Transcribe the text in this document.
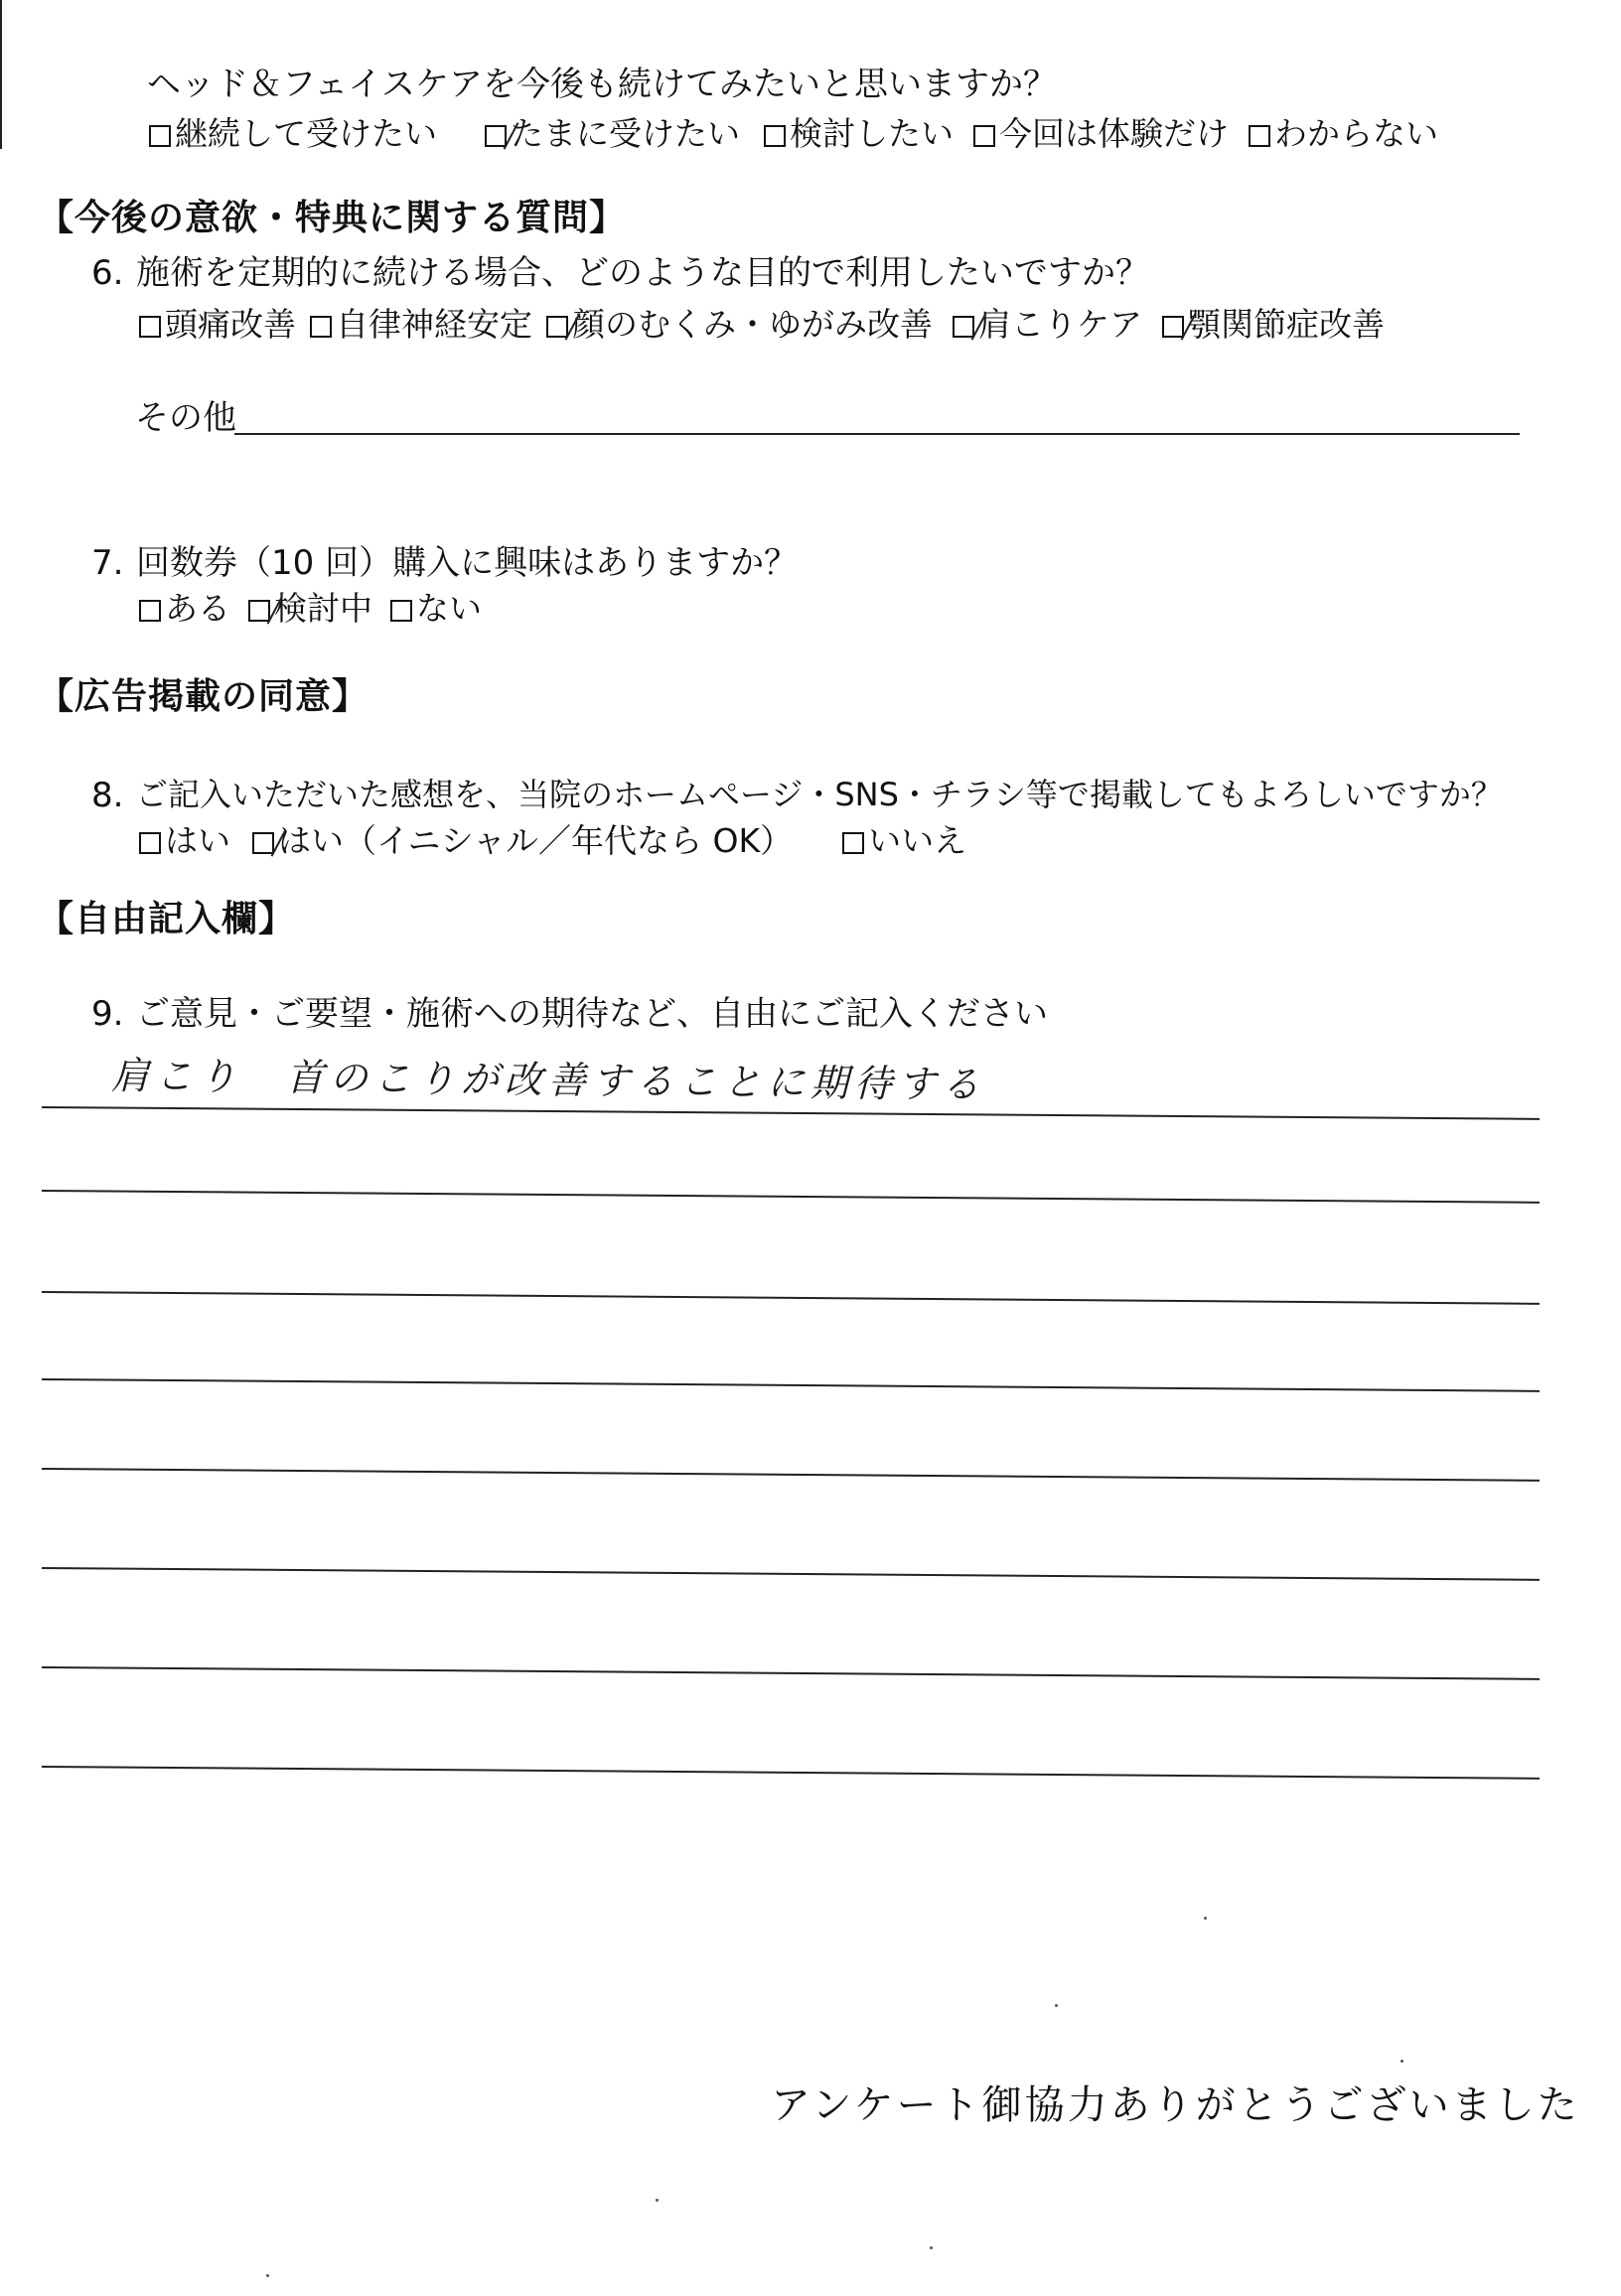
ヘッド＆フェイスケアを今後も続けてみたいと思いますか？
継続して受けたい たまに受けたい 検討したい 今回は体験だけ わからない
【今後の意欲・特典に関する質問】
6. 施術を定期的に続ける場合、どのような目的で利用したいですか？
頭痛改善 自律神経安定 顔のむくみ・ゆがみ改善 肩こりケア 顎関節症改善
その他
7. 回数券（10 回）購入に興味はありますか？
ある 検討中 ない
【広告掲載の同意】
8. ご記入いただいた感想を、当院のホームページ・SNS・チラシ等で掲載してもよろしいですか？
はい はい（イニシャル／年代なら OK） いいえ
【自由記入欄】
9. ご意見・ご要望・施術への期待など、自由にご記入ください
肩こり　首のこりが改善することに期待する
アンケート御協力ありがとうございました
